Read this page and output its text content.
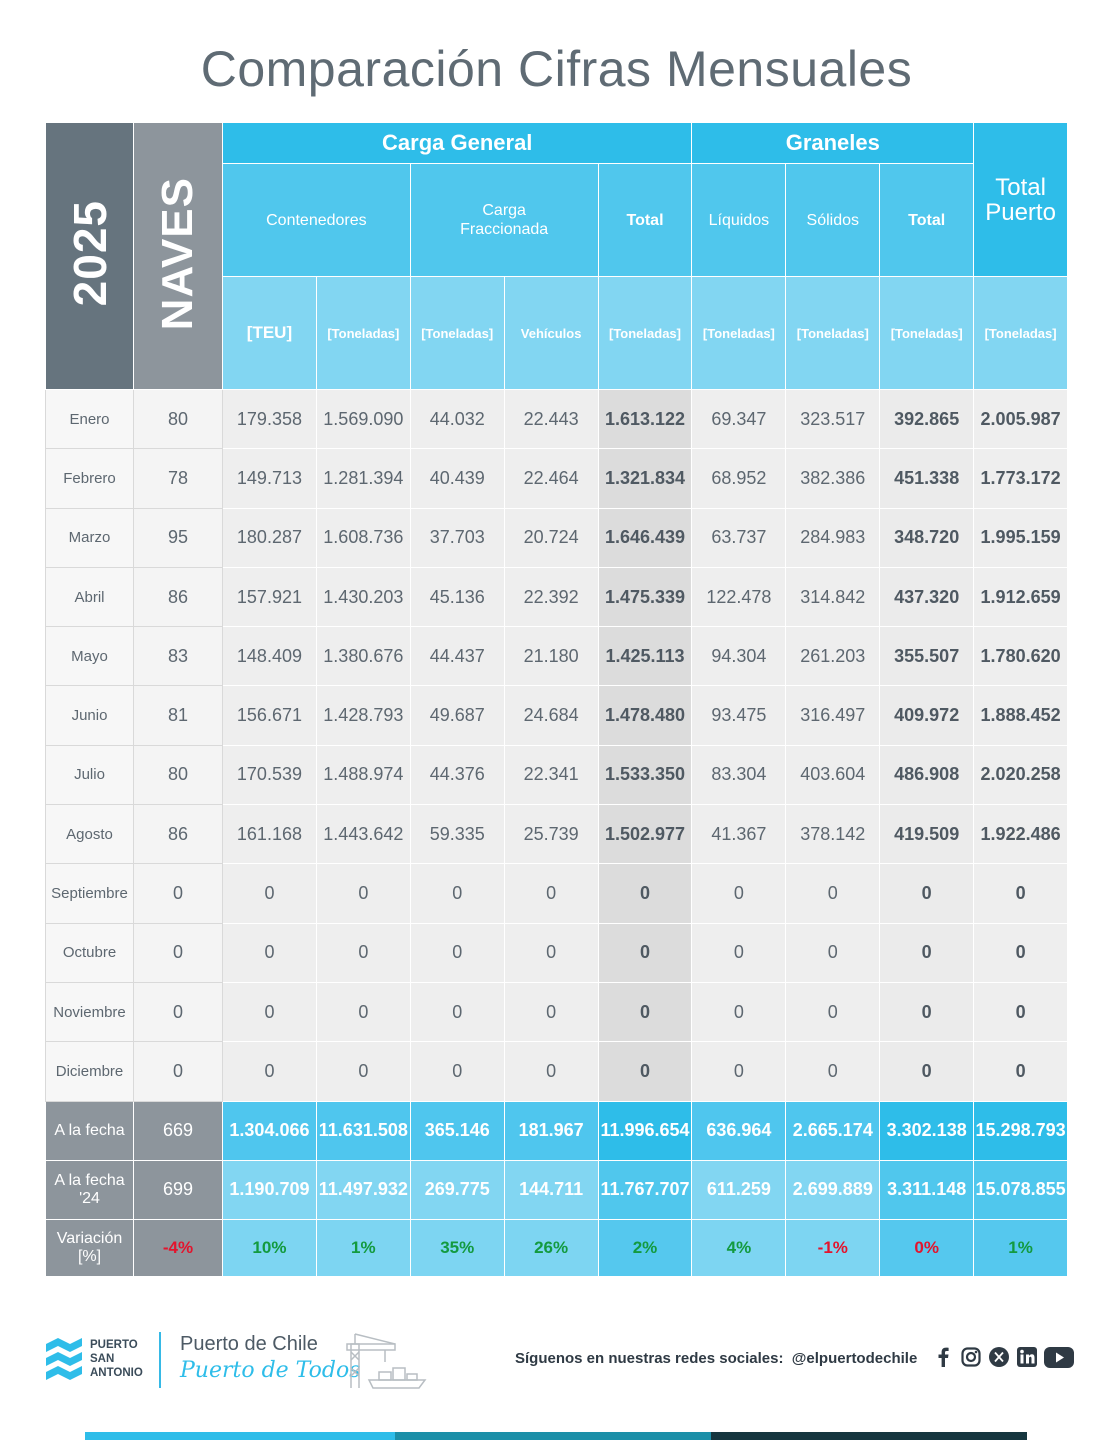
Comparación Cifras Mensuales
2025	NAVES	Carga General					Graneles			Total Puerto
		Contenedores		Carga Fraccionada		Total	Líquidos	Sólidos	Total	
		[TEU]	[Toneladas]	[Toneladas]	Vehículos	[Toneladas]	[Toneladas]	[Toneladas]	[Toneladas]	[Toneladas]
Enero	80	179.358	1.569.090	44.032	22.443	1.613.122	69.347	323.517	392.865	2.005.987
Febrero	78	149.713	1.281.394	40.439	22.464	1.321.834	68.952	382.386	451.338	1.773.172
Marzo	95	180.287	1.608.736	37.703	20.724	1.646.439	63.737	284.983	348.720	1.995.159
Abril	86	157.921	1.430.203	45.136	22.392	1.475.339	122.478	314.842	437.320	1.912.659
Mayo	83	148.409	1.380.676	44.437	21.180	1.425.113	94.304	261.203	355.507	1.780.620
Junio	81	156.671	1.428.793	49.687	24.684	1.478.480	93.475	316.497	409.972	1.888.452
Julio	80	170.539	1.488.974	44.376	22.341	1.533.350	83.304	403.604	486.908	2.020.258
Agosto	86	161.168	1.443.642	59.335	25.739	1.502.977	41.367	378.142	419.509	1.922.486
Septiembre	0	0	0	0	0	0	0	0	0	0
Octubre	0	0	0	0	0	0	0	0	0	0
Noviembre	0	0	0	0	0	0	0	0	0	0
Diciembre	0	0	0	0	0	0	0	0	0	0
A la fecha	669	1.304.066	11.631.508	365.146	181.967	11.996.654	636.964	2.665.174	3.302.138	15.298.793
A la fecha '24	699	1.190.709	11.497.932	269.775	144.711	11.767.707	611.259	2.699.889	3.311.148	15.078.855
Variación [%]	-4%	10%	1%	35%	26%	2%	4%	-1%	0%	1%
PUERTO
SAN
ANTONIO
Puerto de Chile
Puerto de Todos	Síguenos en nuestras redes sociales: @elpuertodechile
